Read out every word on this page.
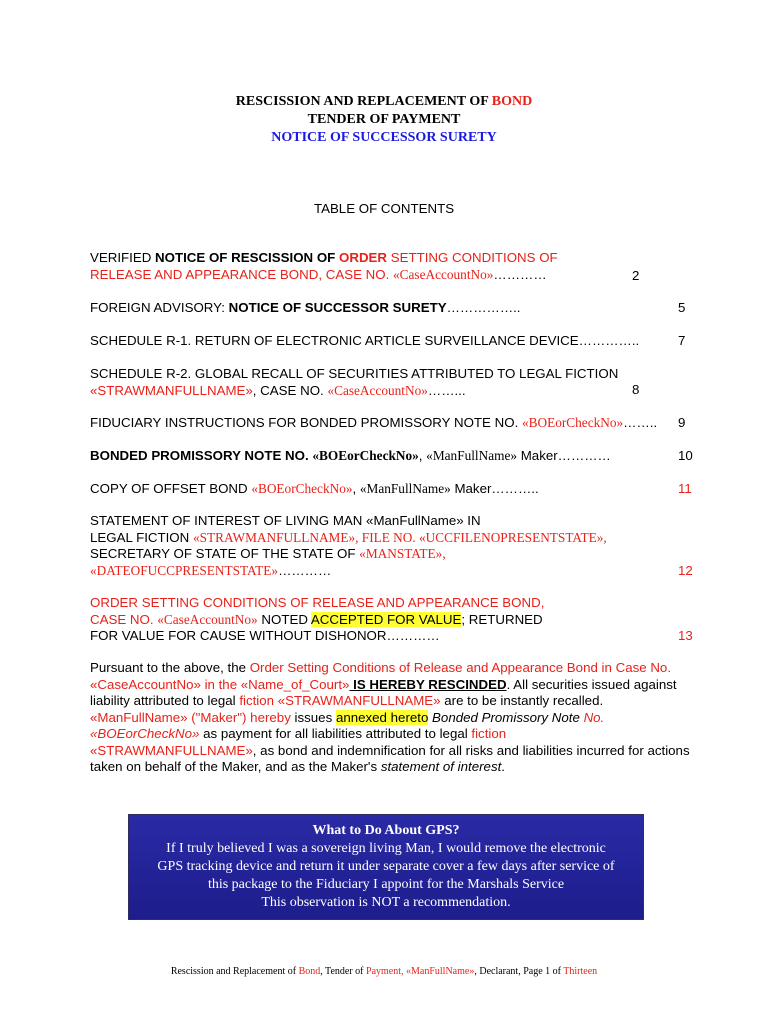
RESCISSION AND REPLACEMENT OF BOND
TENDER OF PAYMENT
NOTICE OF SUCCESSOR SURETY
TABLE OF CONTENTS
VERIFIED NOTICE OF RESCISSION OF ORDER SETTING CONDITIONS OF
RELEASE AND APPEARANCE BOND, CASE NO. «CaseAccountNo»…………	2
FOREIGN ADVISORY: NOTICE OF SUCCESSOR SURETY……………..	5
SCHEDULE R-1. RETURN OF ELECTRONIC ARTICLE SURVEILLANCE DEVICE…………..	7
SCHEDULE R-2. GLOBAL RECALL OF SECURITIES ATTRIBUTED TO LEGAL FICTION
«STRAWMANFULLNAME», CASE NO. «CaseAccountNo»……...	8
FIDUCIARY INSTRUCTIONS FOR BONDED PROMISSORY NOTE NO. «BOEorCheckNo»……..	9
BONDED PROMISSORY NOTE NO. «BOEorCheckNo», «ManFullName» Maker…………	10
COPY OF OFFSET BOND «BOEorCheckNo», «ManFullName» Maker………..	11
STATEMENT OF INTEREST OF LIVING MAN «ManFullName» IN
LEGAL FICTION «STRAWMANFULLNAME», FILE NO. «UCCFILENOPRESENTSTATE»,
SECRETARY OF STATE OF THE STATE OF «MANSTATE»,
«DATEOFUCCPRESENTSTATE»…………	12
ORDER SETTING CONDITIONS OF RELEASE AND APPEARANCE BOND,
CASE NO. «CaseAccountNo» NOTED ACCEPTED FOR VALUE; RETURNED
FOR VALUE FOR CAUSE WITHOUT DISHONOR…………	13
Pursuant to the above, the Order Setting Conditions of Release and Appearance Bond in Case No.
«CaseAccountNo» in the «Name_of_Court» IS HEREBY RESCINDED. All securities issued against liability attributed to legal fiction «STRAWMANFULLNAME» are to be instantly recalled.
«ManFullName» ("Maker") hereby issues annexed hereto Bonded Promissory Note No.
«BOEorCheckNo» as payment for all liabilities attributed to legal fiction
«STRAWMANFULLNAME», as bond and indemnification for all risks and liabilities incurred for actions taken on behalf of the Maker, and as the Maker's statement of interest.
What to Do About GPS?
If I truly believed I was a sovereign living Man, I would remove the electronic
GPS tracking device and return it under separate cover a few days after service of
this package to the Fiduciary I appoint for the Marshals Service
This observation is NOT a recommendation.
Rescission and Replacement of Bond, Tender of Payment, «ManFullName», Declarant, Page 1 of Thirteen
